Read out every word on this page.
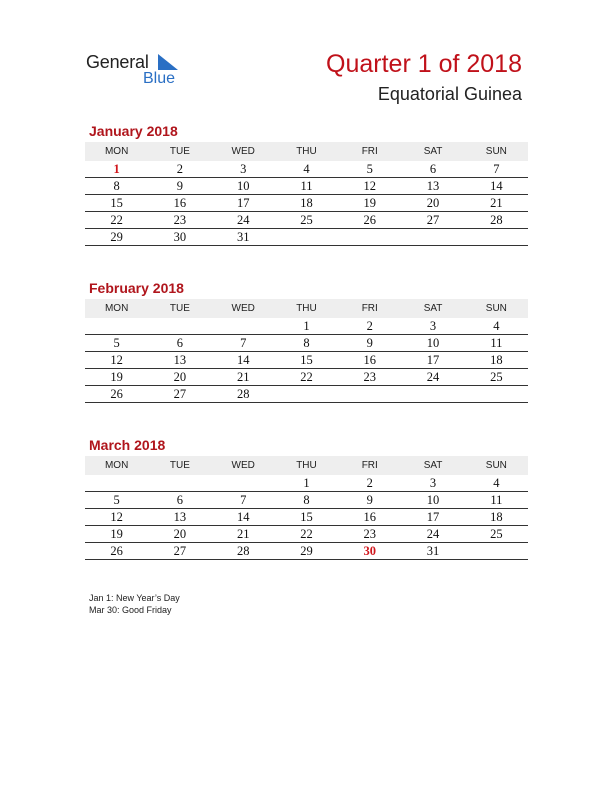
General
Blue
Quarter 1 of 2018
Equatorial Guinea
January 2018
MON	TUE	WED	THU	FRI	SAT	SUN
1	2	3	4	5	6	7
8	9	10	11	12	13	14
15	16	17	18	19	20	21
22	23	24	25	26	27	28
29	30	31				
February 2018
MON	TUE	WED	THU	FRI	SAT	SUN
			1	2	3	4
5	6	7	8	9	10	11
12	13	14	15	16	17	18
19	20	21	22	23	24	25
26	27	28				
March 2018
MON	TUE	WED	THU	FRI	SAT	SUN
			1	2	3	4
5	6	7	8	9	10	11
12	13	14	15	16	17	18
19	20	21	22	23	24	25
26	27	28	29	30	31	
Jan 1: New Year’s Day
Mar 30: Good Friday
